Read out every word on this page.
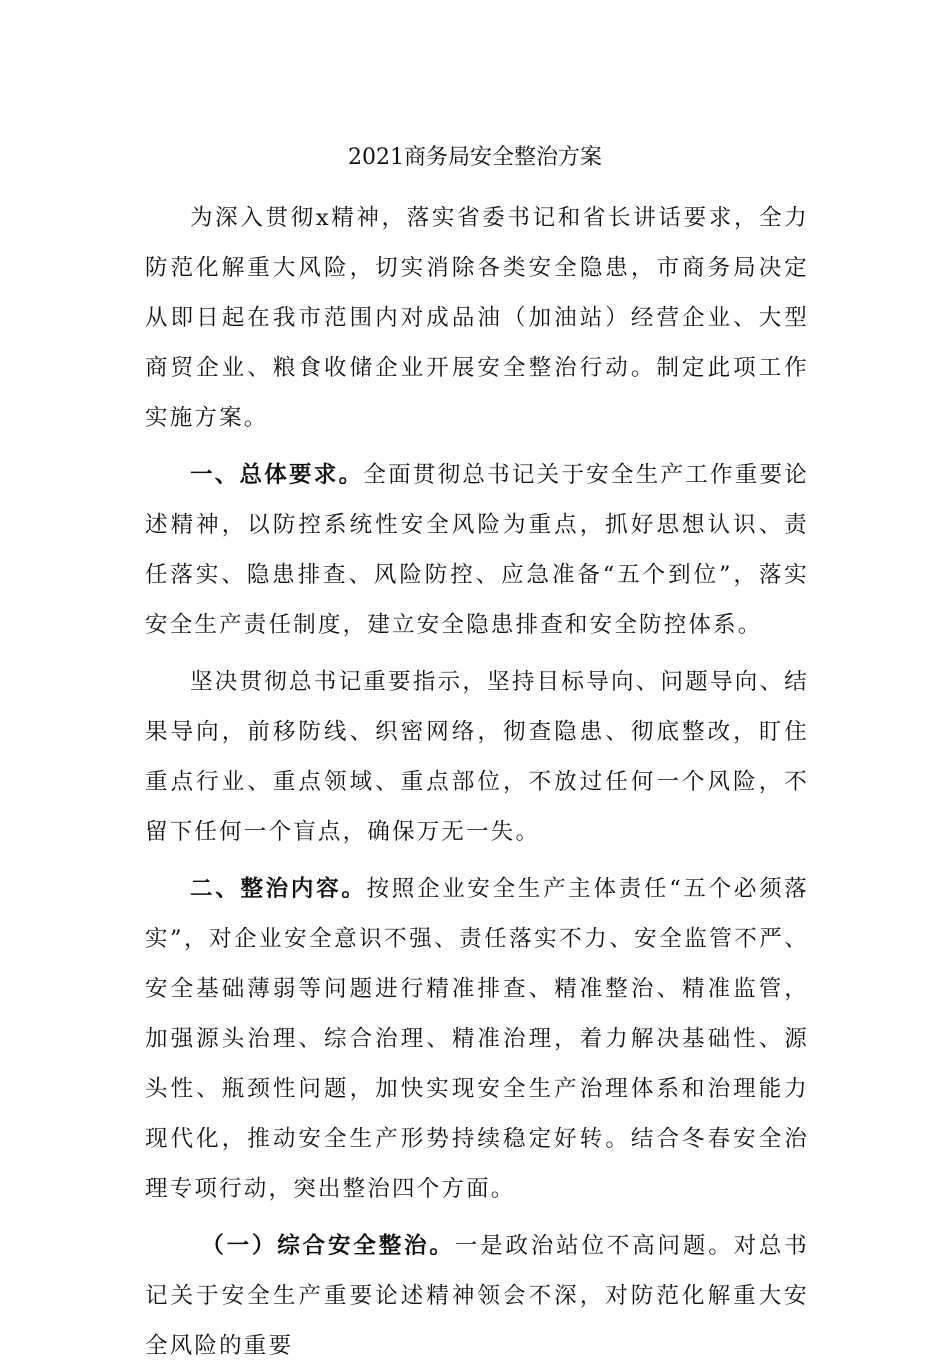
2021商务局安全整治方案

为深入贯彻x精神，落实省委书记和省长讲话要求，全力防范化解重大风险，切实消除各类安全隐患，市商务局决定从即日起在我市范围内对成品油（加油站）经营企业、大型商贸企业、粮食收储企业开展安全整治行动。制定此项工作实施方案。

一、总体要求。全面贯彻总书记关于安全生产工作重要论述精神，以防控系统性安全风险为重点，抓好思想认识、责任落实、隐患排查、风险防控、应急准备“五个到位”，落实安全生产责任制度，建立安全隐患排查和安全防控体系。

坚决贯彻总书记重要指示，坚持目标导向、问题导向、结果导向，前移防线、织密网络，彻查隐患、彻底整改，盯住重点行业、重点领域、重点部位，不放过任何一个风险，不留下任何一个盲点，确保万无一失。

二、整治内容。按照企业安全生产主体责任“五个必须落实”，对企业安全意识不强、责任落实不力、安全监管不严、安全基础薄弱等问题进行精准排查、精准整治、精准监管，加强源头治理、综合治理、精准治理，着力解决基础性、源头性、瓶颈性问题，加快实现安全生产治理体系和治理能力现代化，推动安全生产形势持续稳定好转。结合冬春安全治理专项行动，突出整治四个方面。

（一）综合安全整治。一是政治站位不高问题。对总书记关于安全生产重要论述精神领会不深，对防范化解重大安全风险的重要
